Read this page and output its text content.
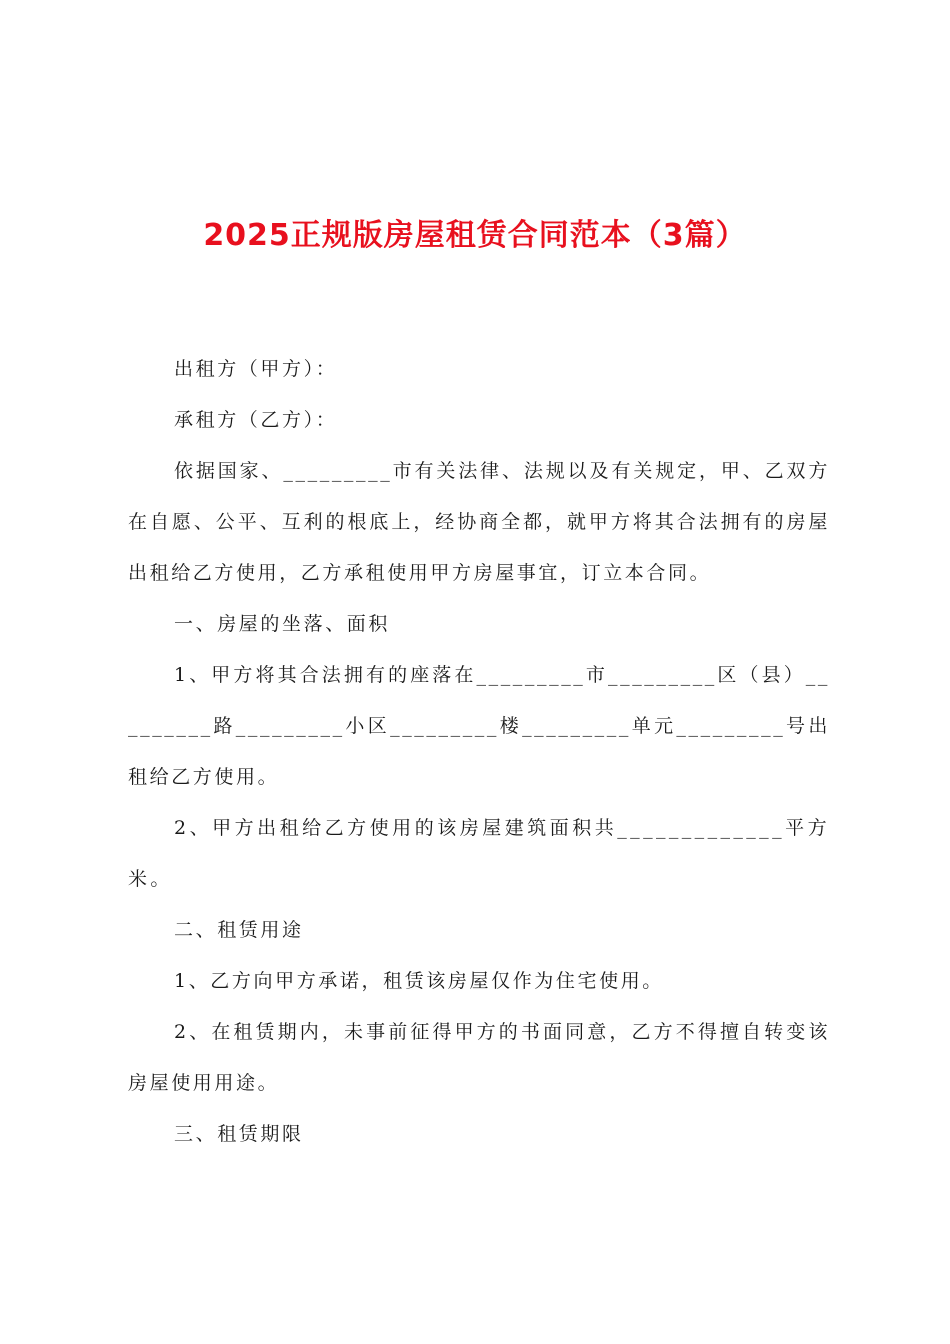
2025正规版房屋租赁合同范本（3篇）

出租方（甲方）：

承租方（乙方）：

依据国家、_________市有关法律、法规以及有关规定，甲、乙双方在自愿、公平、互利的根底上，经协商全都，就甲方将其合法拥有的房屋出租给乙方使用，乙方承租使用甲方房屋事宜，订立本合同。

一、房屋的坐落、面积

1、甲方将其合法拥有的座落在_________市_________区（县）_________路_________小区_________楼_________单元_________号出租给乙方使用。

2、甲方出租给乙方使用的该房屋建筑面积共_____________平方米。

二、租赁用途

1、乙方向甲方承诺，租赁该房屋仅作为住宅使用。

2、在租赁期内，未事前征得甲方的书面同意，乙方不得擅自转变该房屋使用用途。

三、租赁期限
